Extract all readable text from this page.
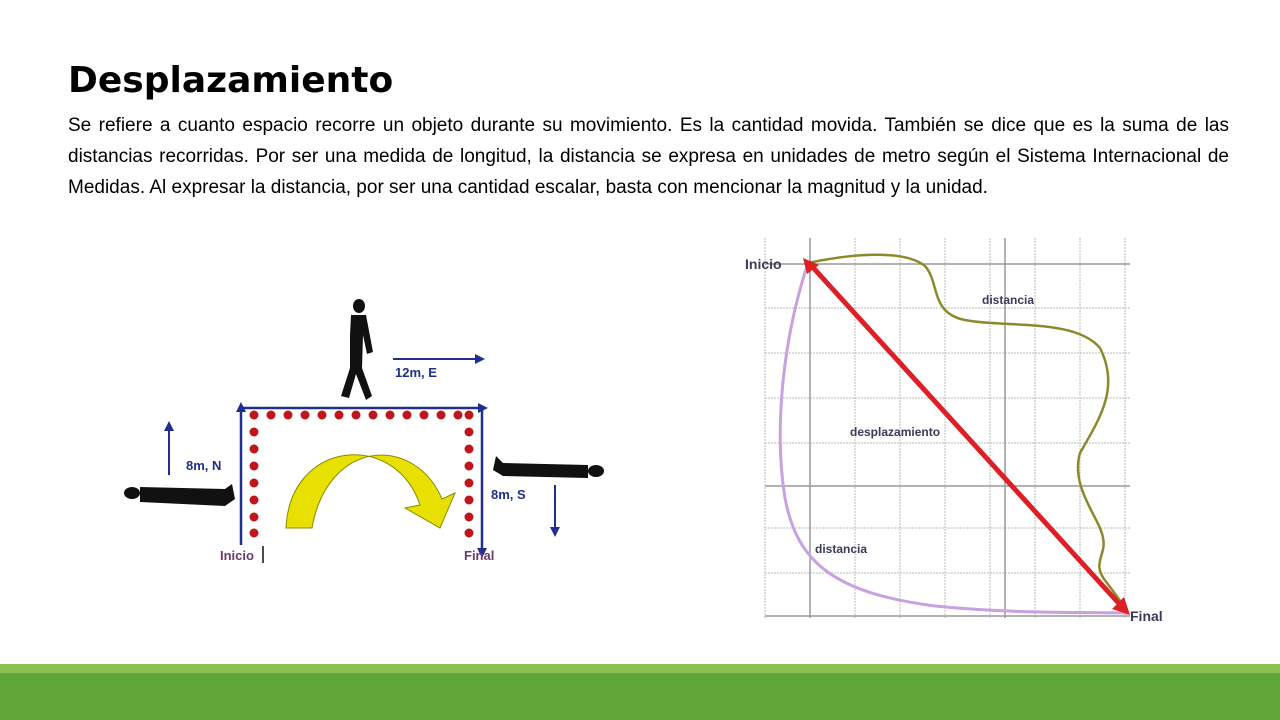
Desplazamiento

Se refiere a cuanto espacio recorre un objeto durante su movimiento. Es la cantidad movida. También se dice que es la suma de las distancias recorridas. Por ser una medida de longitud, la distancia se expresa en unidades de metro según el Sistema Internacional de Medidas. Al expresar la distancia, por ser una cantidad escalar, basta con mencionar la magnitud y la unidad.

8m, N
12m, E
8m, S
Inicio	Final
Inicio
Final
distancia
desplazamiento
distancia
